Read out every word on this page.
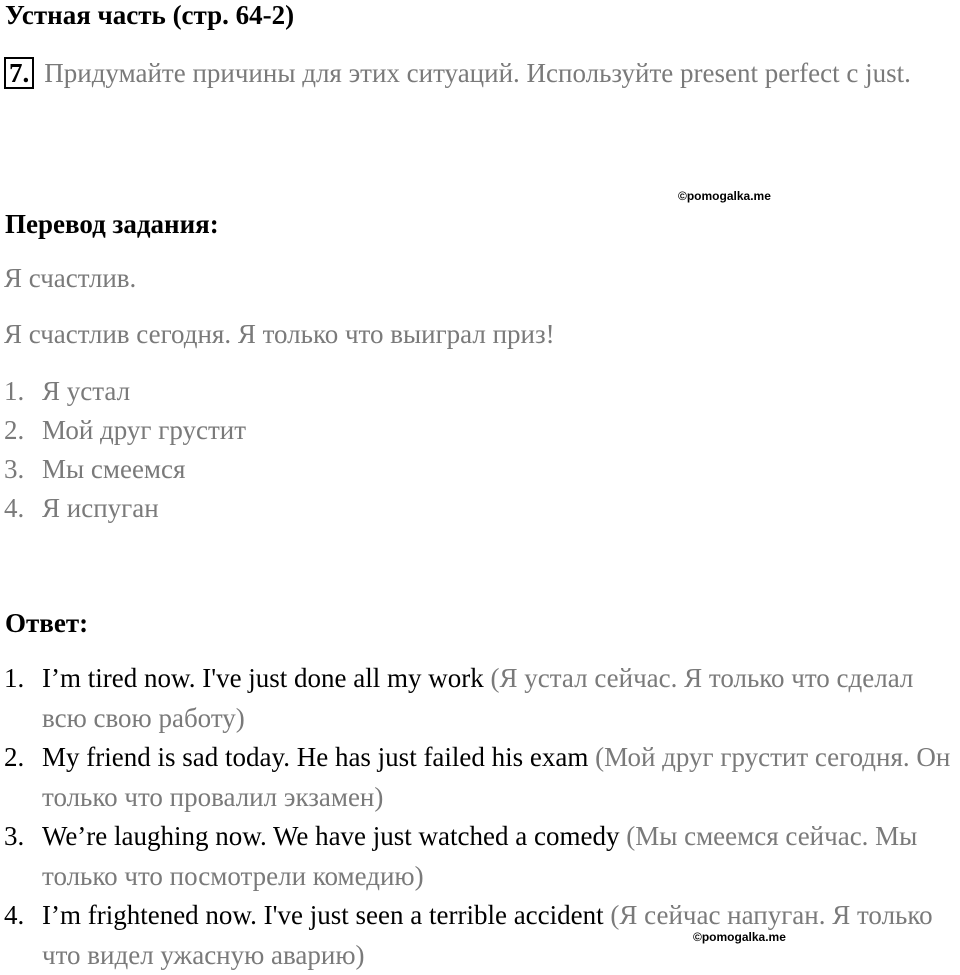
Устная часть (стр. 64-2)
7. Придумайте причины для этих ситуаций. Используйте present perfect с just.
©pomogalka.me
Перевод задания:
Я счастлив.
Я счастлив сегодня. Я только что выиграл приз!
1. Я устал
2. Мой друг грустит
3. Мы смеемся
4. Я испуган
Ответ:
1. I’m tired now. I've just done all my work (Я устал сейчас. Я только что сделал всю свою работу)
2. My friend is sad today. He has just failed his exam (Мой друг грустит сегодня. Он только что провалил экзамен)
3. We’re laughing now. We have just watched a comedy (Мы смеемся сейчас. Мы только что посмотрели комедию)
4. I’m frightened now. I've just seen a terrible accident (Я сейчас напуган. Я только что видел ужасную аварию)
©pomogalka.me
